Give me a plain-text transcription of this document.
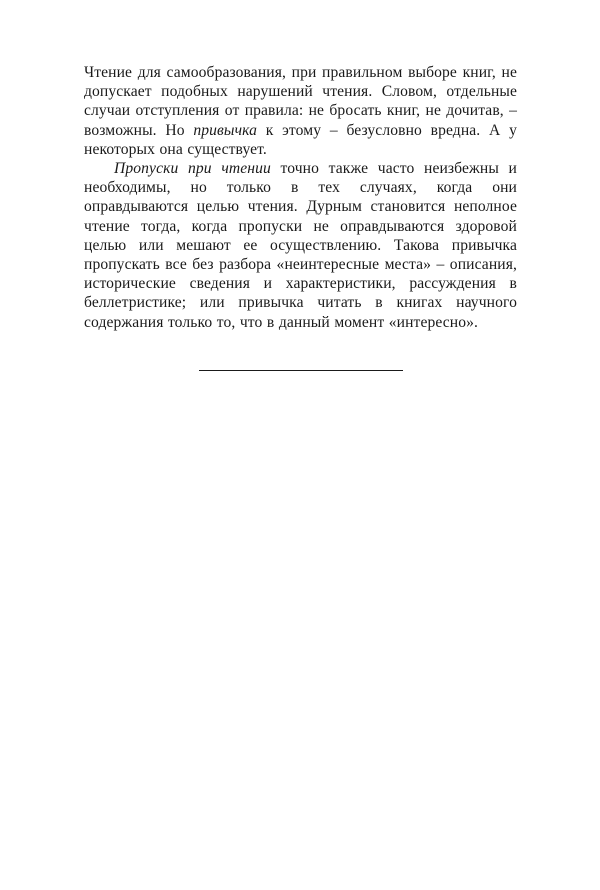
Чтение для самообразования, при правильном выборе книг, не допускает подобных нарушений чтения. Словом, отдельные случаи отступления от правила: не бросать книг, не дочитав, – возможны. Но привычка к этому – безусловно вредна. А у некоторых она существует.

Пропуски при чтении точно также часто неизбежны и необходимы, но только в тех случаях, когда они оправдываются целью чтения. Дурным становится неполное чтение тогда, когда пропуски не оправдываются здоровой целью или мешают ее осуществлению. Такова привычка пропускать все без разбора «неинтересные места» – описания, исторические сведения и характеристики, рассуждения в беллетристике; или привычка читать в книгах научного содержания только то, что в данный момент «интересно».
